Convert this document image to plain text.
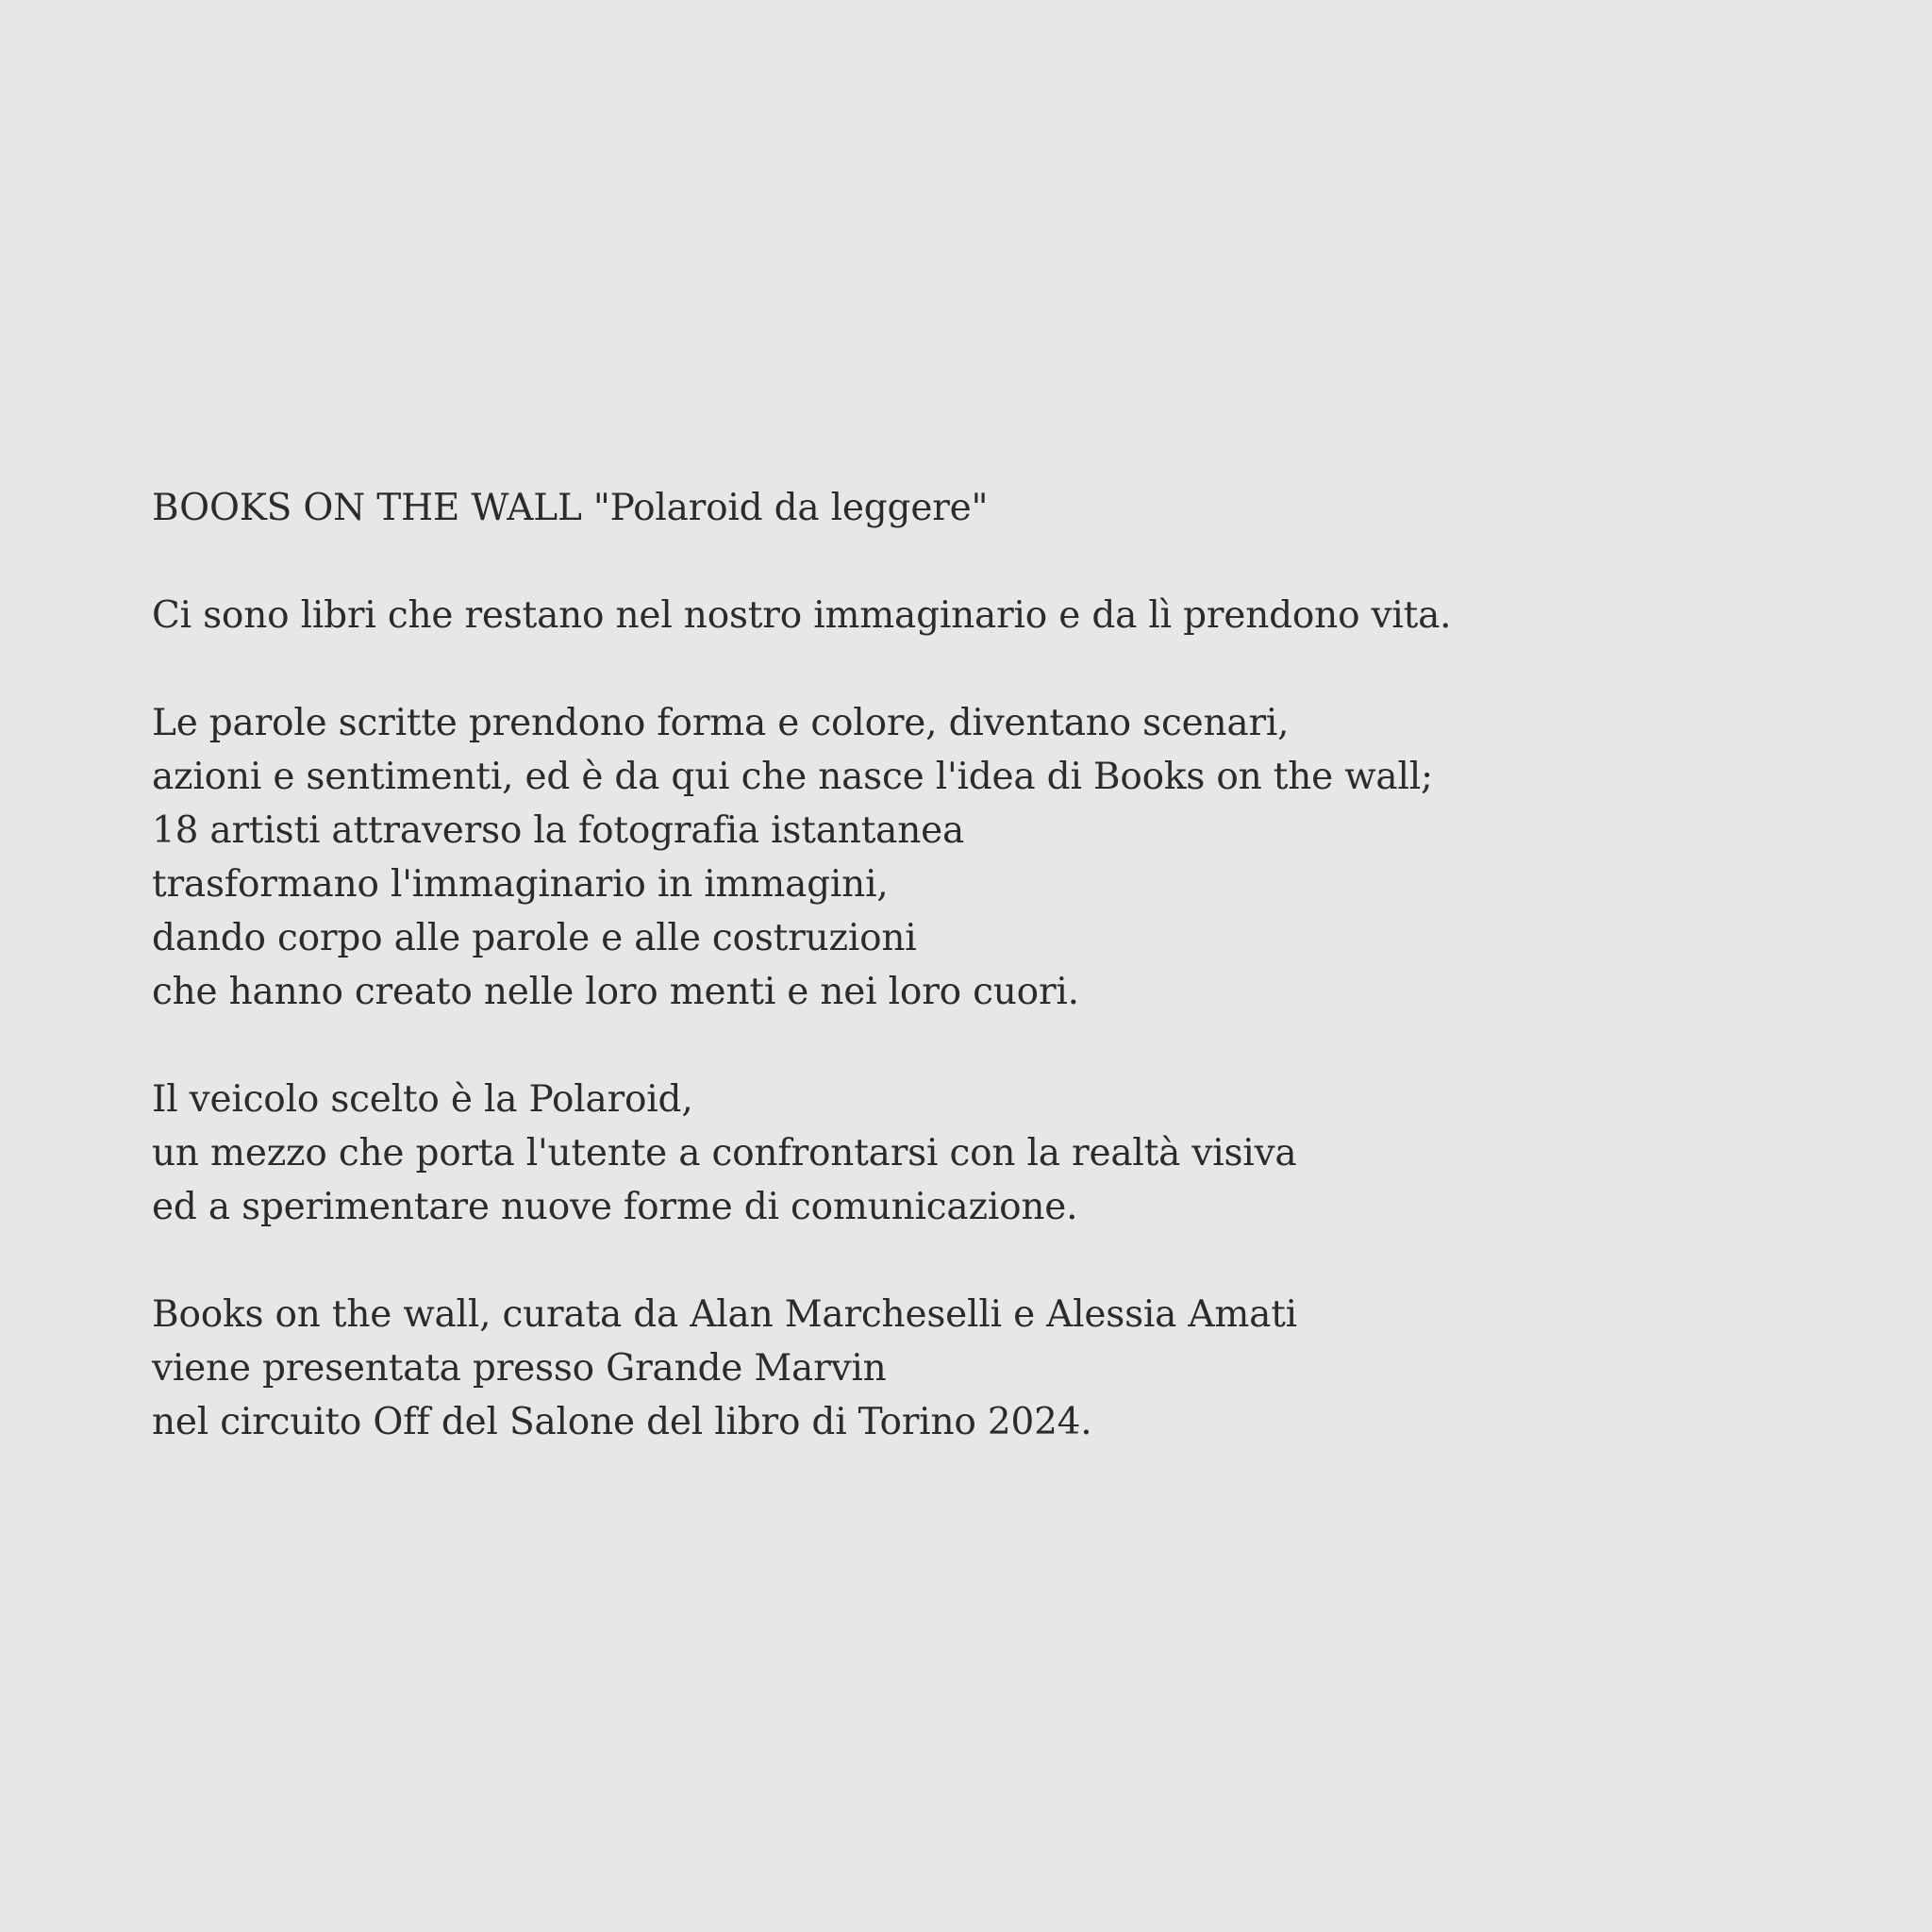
BOOKS ON THE WALL "Polaroid da leggere"
Ci sono libri che restano nel nostro immaginario e da lì prendono vita.
Le parole scritte prendono forma e colore, diventano scenari,
azioni e sentimenti, ed è da qui che nasce l'idea di Books on the wall;
18 artisti attraverso la fotografia istantanea
trasformano l'immaginario in immagini,
dando corpo alle parole e alle costruzioni
che hanno creato nelle loro menti e nei loro cuori.
Il veicolo scelto è la Polaroid,
un mezzo che porta l'utente a confrontarsi con la realtà visiva
ed a sperimentare nuove forme di comunicazione.
Books on the wall, curata da Alan Marcheselli e Alessia Amati
viene presentata presso Grande Marvin
nel circuito Off del Salone del libro di Torino 2024.
